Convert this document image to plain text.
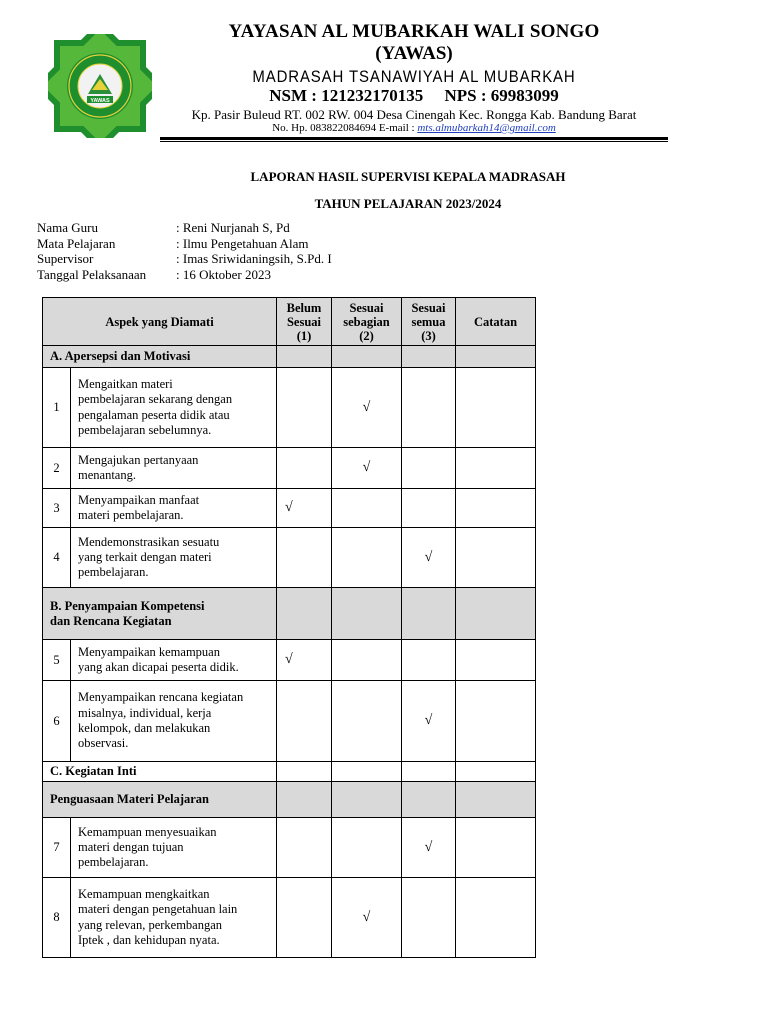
YAWAS
YAYASAN AL MUBARKAH WALI SONGO
(YAWAS)
MADRASAH TSANAWIYAH AL MUBARKAH
NSM : 121232170135     NPS : 69983099
Kp. Pasir Buleud RT. 002 RW. 004 Desa Cinengah Kec. Rongga Kab. Bandung Barat
No. Hp. 083822084694 E-mail : mts.almubarkah14@gmail.com
LAPORAN HASIL SUPERVISI KEPALA MADRASAH
TAHUN PELAJARAN 2023/2024
Nama Guru	: Reni Nurjanah S, Pd
Mata Pelajaran	: Ilmu Pengetahuan Alam
Supervisor	: Imas Sriwidaningsih, S.Pd. I
Tanggal Pelaksanaan	: 16 Oktober 2023
Aspek yang Diamati		Belum
Sesuai
(1)	Sesuai
sebagian
(2)	Sesuai
semua
(3)	Catatan
A. Apersepsi dan Motivasi					
1	Mengaitkan materi
pembelajaran sekarang dengan
pengalaman peserta didik atau
pembelajaran sebelumnya.		√		
2	Mengajukan pertanyaan
menantang.		√		
3	Menyampaikan manfaat
materi pembelajaran.	√			
4	Mendemonstrasikan sesuatu
yang terkait dengan materi
pembelajaran.			√	
B. Penyampaian Kompetensi
dan Rencana Kegiatan					
5	Menyampaikan kemampuan
yang akan dicapai peserta didik.	√			
6	Menyampaikan rencana kegiatan
misalnya, individual, kerja
kelompok, dan melakukan
observasi.			√	
C. Kegiatan Inti					
Penguasaan Materi Pelajaran					
7	Kemampuan menyesuaikan
materi dengan tujuan
pembelajaran.			√	
8	Kemampuan mengkaitkan
materi dengan pengetahuan lain
yang relevan, perkembangan
Iptek , dan kehidupan nyata.		√		
